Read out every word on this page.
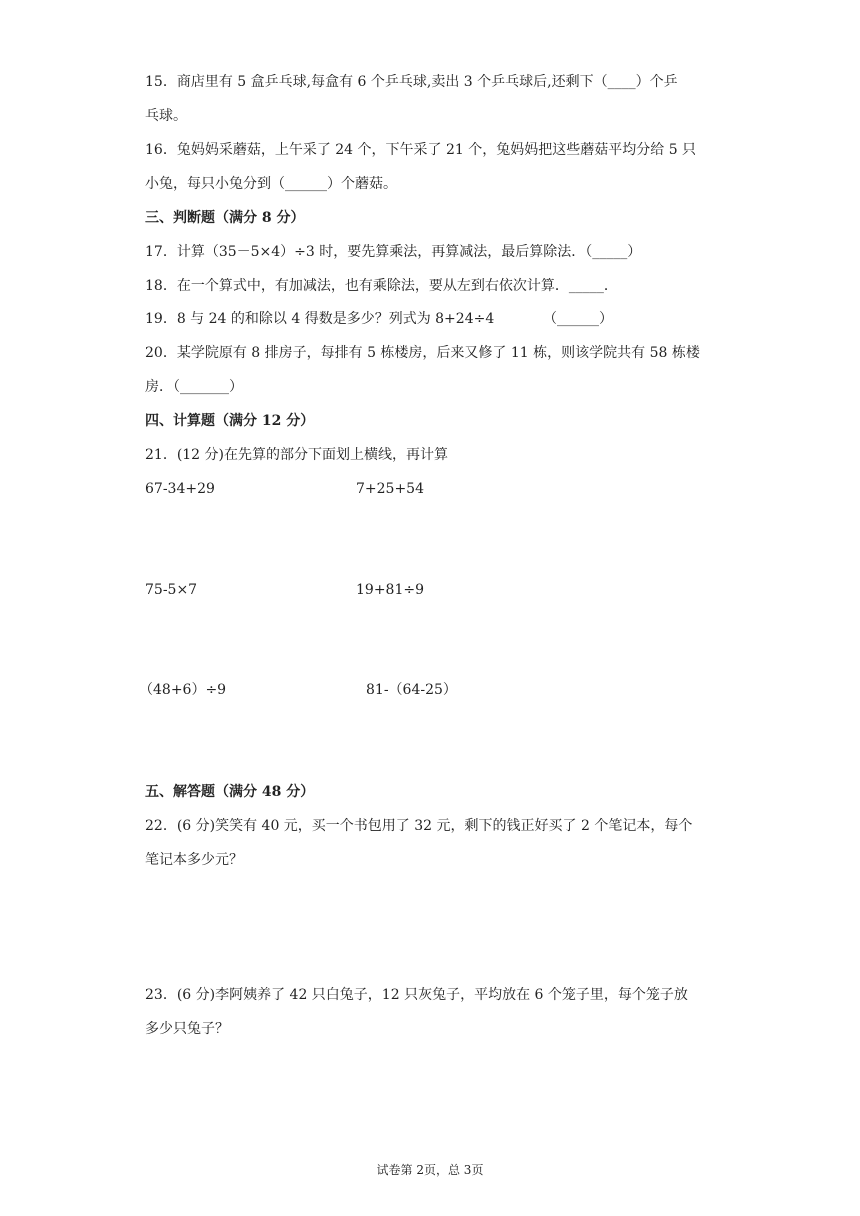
15．商店里有 5 盒乒乓球,每盒有 6 个乒乓球,卖出 3 个乒乓球后,还剩下（____）个乒
乓球。
16．兔妈妈采蘑菇，上午采了 24 个，下午采了 21 个，兔妈妈把这些蘑菇平均分给 5 只
小兔，每只小兔分到（______）个蘑菇。
三、判断题（满分 8 分）
17．计算（35－5×4）÷3 时，要先算乘法，再算减法，最后算除法．（_____）
18．在一个算式中，有加减法，也有乘除法，要从左到右依次计算．_____．
19．8 与 24 的和除以 4 得数是多少？列式为 8+24÷4	（______）
20．某学院原有 8 排房子，每排有 5 栋楼房，后来又修了 11 栋，则该学院共有 58 栋楼
房．（_______）
四、计算题（满分 12 分）
21．(12 分)在先算的部分下面划上横线，再计算
67-34+29	7+25+54
75-5×7	19+81÷9
（48+6）÷9	81-（64-25）
五、解答题（满分 48 分）
22．(6 分)笑笑有 40 元，买一个书包用了 32 元，剩下的钱正好买了 2 个笔记本，每个
笔记本多少元？
23．(6 分)李阿姨养了 42 只白兔子，12 只灰兔子，平均放在 6 个笼子里，每个笼子放
多少只兔子？
试卷第 2页，总 3页
